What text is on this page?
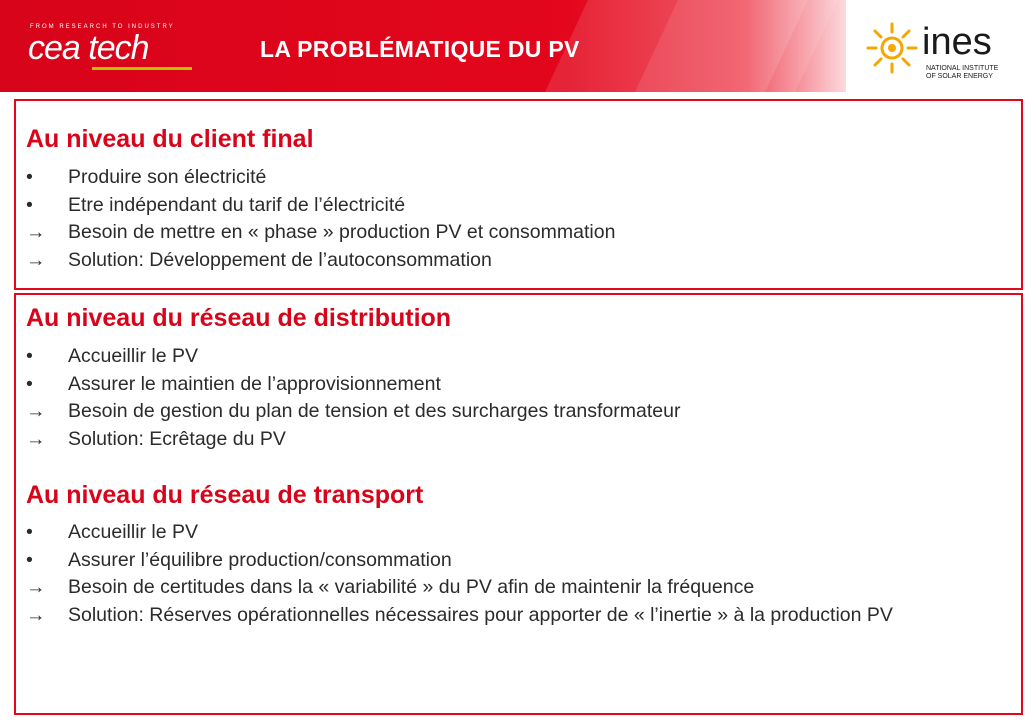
FROM RESEARCH TO INDUSTRY
cea tech	LA PROBLÉMATIQUE DU PV	ines
NATIONAL INSTITUTE
OF SOLAR ENERGY
Au niveau du client final
•	Produire son électricité
•	Etre indépendant du tarif de l’électricité
→	Besoin de mettre en « phase » production PV et consommation
→	Solution: Développement de l’autoconsommation
Au niveau du réseau de distribution
•	Accueillir le PV
•	Assurer le maintien de l’approvisionnement
→	Besoin de gestion du plan de tension et des surcharges transformateur
→	Solution: Ecrêtage du PV
Au niveau du réseau de transport
•	Accueillir le PV
•	Assurer l’équilibre production/consommation
→	Besoin de certitudes dans la « variabilité » du PV afin de maintenir la fréquence
→	Solution: Réserves opérationnelles nécessaires pour apporter de « l’inertie » à la production PV
